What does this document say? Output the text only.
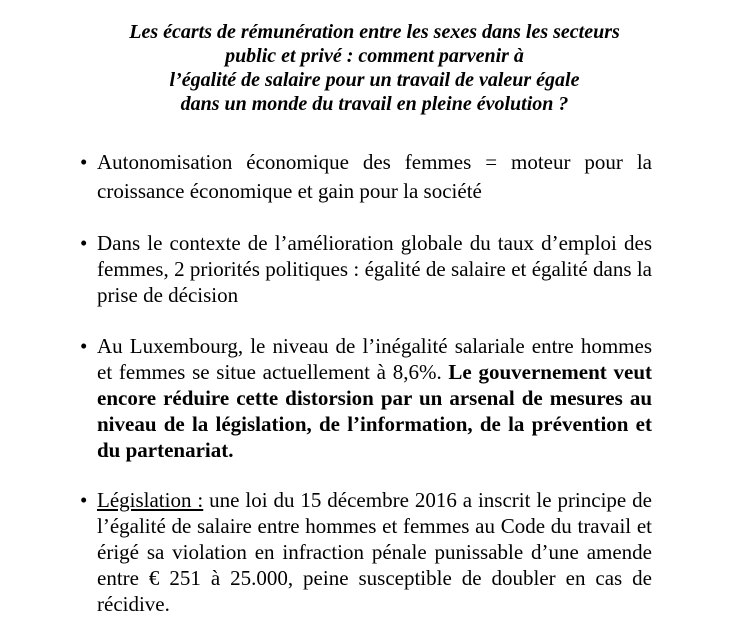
Les écarts de rémunération entre les sexes dans les secteurs
public et privé : comment parvenir à
l’égalité de salaire pour un travail de valeur égale
dans un monde du travail en pleine évolution ?
• Autonomisation économique des femmes = moteur pour la croissance économique et gain pour la société
• Dans le contexte de l’amélioration globale du taux d’emploi des femmes, 2 priorités politiques : égalité de salaire et égalité dans la prise de décision
• Au Luxembourg, le niveau de l’inégalité salariale entre hommes et femmes se situe actuellement à 8,6%. Le gouvernement veut encore réduire cette distorsion par un arsenal de mesures au niveau de la législation, de l’information, de la prévention et du partenariat.
• Législation : une loi du 15 décembre 2016 a inscrit le principe de l’égalité de salaire entre hommes et femmes au Code du travail et érigé sa violation en infraction pénale punissable d’une amende entre € 251 à 25.000, peine susceptible de doubler en cas de récidive.
